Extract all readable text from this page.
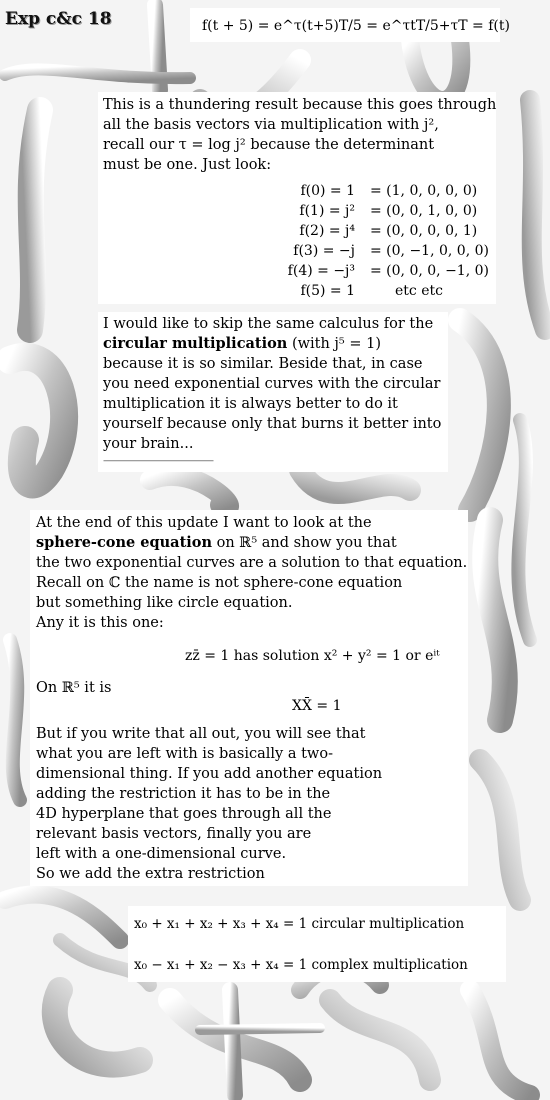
Exp c&c 18	f(t + 5) = e^τ(t+5)T/5 = e^τtT/5+τT = f(t)
This is a thundering result because this goes through
all the basis vectors via multiplication with j²,
recall our τ = log j² because the determinant
must be one. Just look:
f(0) = 1 = (1, 0, 0, 0, 0)
f(1) = j² = (0, 0, 1, 0, 0)
f(2) = j⁴ = (0, 0, 0, 0, 1)
f(3) = −j = (0, −1, 0, 0, 0)
f(4) = −j³ = (0, 0, 0, −1, 0)
f(5) = 1	etc etc
I would like to skip the same calculus for the
circular multiplication (with j⁵ = 1)
because it is so similar. Beside that, in case
you need exponential curves with the circular
multiplication it is always better to do it
yourself because only that burns it better into
your brain...
———————————
At the end of this update I want to look at the
sphere-cone equation on ℝ⁵ and show you that
the two exponential curves are a solution to that equation.
Recall on ℂ the name is not sphere-cone equation
but something like circle equation.
Any it is this one:
zz̄ = 1 has solution x² + y² = 1 or eⁱᵗ
On ℝ⁵ it is
XX̄ = 1
But if you write that all out, you will see that
what you are left with is basically a two-
dimensional thing. If you add another equation
adding the restriction it has to be in the
4D hyperplane that goes through all the
relevant basis vectors, finally you are
left with a one-dimensional curve.
So we add the extra restriction
x₀ + x₁ + x₂ + x₃ + x₄ = 1 circular multiplication
x₀ − x₁ + x₂ − x₃ + x₄ = 1 complex multiplication
